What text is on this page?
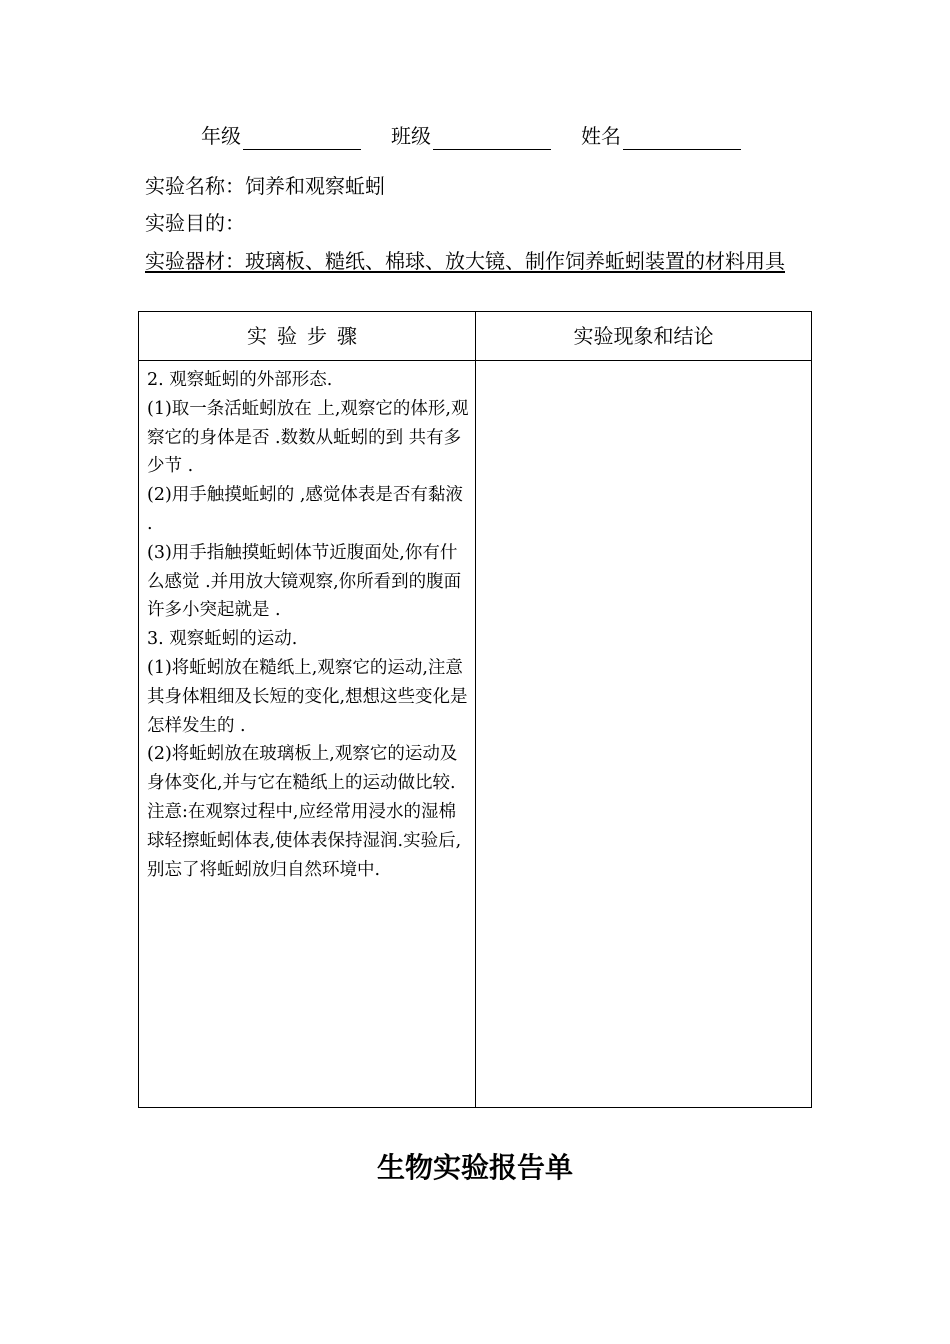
年级	班级	姓名
实验名称：饲养和观察蚯蚓
实验目的：
实验器材：玻璃板、糙纸、棉球、放大镜、制作饲养蚯蚓装置的材料用具
实验步骤	实验现象和结论
2. 观察蚯蚓的外部形态.
(1)取一条活蚯蚓放在 上,观察它的体形,观察它的身体是否 .数数从蚯蚓的到 共有多少节 .
(2)用手触摸蚯蚓的 ,感觉体表是否有黏液 .
(3)用手指触摸蚯蚓体节近腹面处,你有什么感觉 .并用放大镜观察,你所看到的腹面许多小突起就是 .
3. 观察蚯蚓的运动.
(1)将蚯蚓放在糙纸上,观察它的运动,注意其身体粗细及长短的变化,想想这些变化是怎样发生的 .
(2)将蚯蚓放在玻璃板上,观察它的运动及身体变化,并与它在糙纸上的运动做比较.
注意:在观察过程中,应经常用浸水的湿棉球轻擦蚯蚓体表,使体表保持湿润.实验后,别忘了将蚯蚓放归自然环境中.
生物实验报告单
